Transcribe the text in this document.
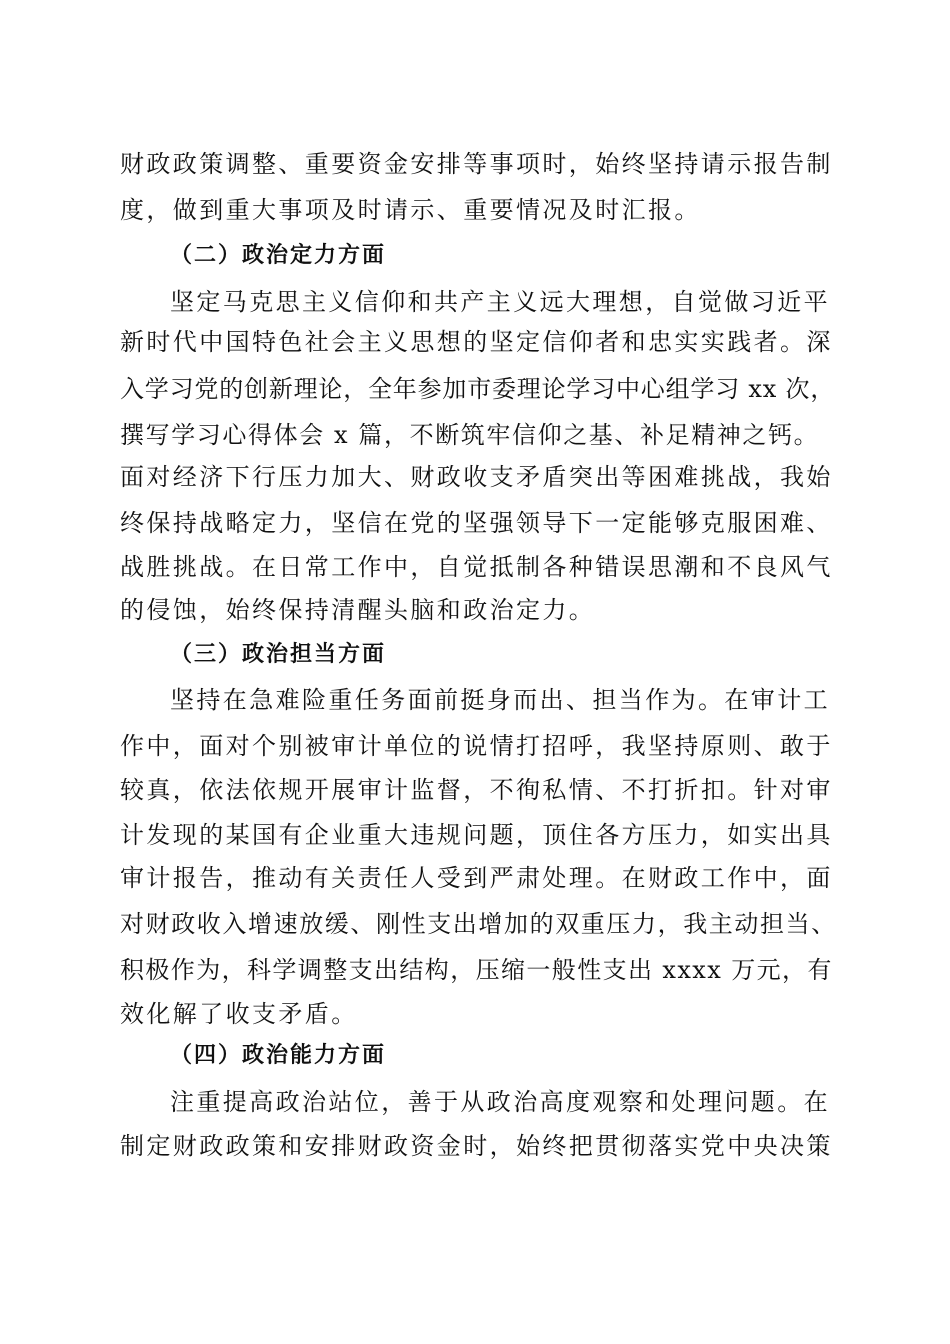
财政政策调整、重要资金安排等事项时，始终坚持请示报告制
度，做到重大事项及时请示、重要情况及时汇报。
（二）政治定力方面
坚定马克思主义信仰和共产主义远大理想，自觉做习近平
新时代中国特色社会主义思想的坚定信仰者和忠实实践者。深
入学习党的创新理论，全年参加市委理论学习中心组学习 xx 次，
撰写学习心得体会 x 篇，不断筑牢信仰之基、补足精神之钙。
面对经济下行压力加大、财政收支矛盾突出等困难挑战，我始
终保持战略定力，坚信在党的坚强领导下一定能够克服困难、
战胜挑战。在日常工作中，自觉抵制各种错误思潮和不良风气
的侵蚀，始终保持清醒头脑和政治定力。
（三）政治担当方面
坚持在急难险重任务面前挺身而出、担当作为。在审计工
作中，面对个别被审计单位的说情打招呼，我坚持原则、敢于
较真，依法依规开展审计监督，不徇私情、不打折扣。针对审
计发现的某国有企业重大违规问题，顶住各方压力，如实出具
审计报告，推动有关责任人受到严肃处理。在财政工作中，面
对财政收入增速放缓、刚性支出增加的双重压力，我主动担当、
积极作为，科学调整支出结构，压缩一般性支出 xxxx 万元，有
效化解了收支矛盾。
（四）政治能力方面
注重提高政治站位，善于从政治高度观察和处理问题。在
制定财政政策和安排财政资金时，始终把贯彻落实党中央决策
